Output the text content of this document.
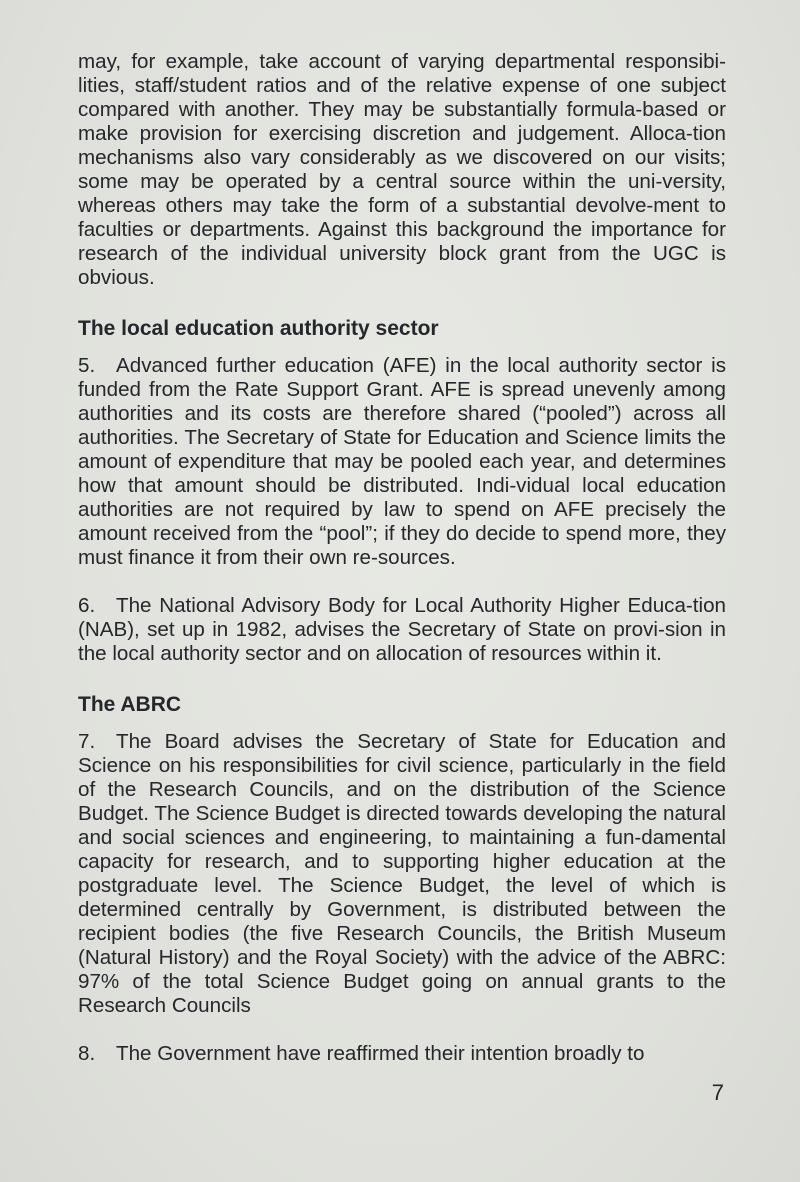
may, for example, take account of varying departmental responsibi-lities, staff/student ratios and of the relative expense of one subject compared with another. They may be substantially formula-based or make provision for exercising discretion and judgement. Alloca-tion mechanisms also vary considerably as we discovered on our visits; some may be operated by a central source within the uni-versity, whereas others may take the form of a substantial devolve-ment to faculties or departments. Against this background the importance for research of the individual university block grant from the UGC is obvious.

The local education authority sector

5. Advanced further education (AFE) in the local authority sector is funded from the Rate Support Grant. AFE is spread unevenly among authorities and its costs are therefore shared (“pooled”) across all authorities. The Secretary of State for Education and Science limits the amount of expenditure that may be pooled each year, and determines how that amount should be distributed. Indi-vidual local education authorities are not required by law to spend on AFE precisely the amount received from the “pool”; if they do decide to spend more, they must finance it from their own re-sources.

6. The National Advisory Body for Local Authority Higher Educa-tion (NAB), set up in 1982, advises the Secretary of State on provi-sion in the local authority sector and on allocation of resources within it.

The ABRC

7. The Board advises the Secretary of State for Education and Science on his responsibilities for civil science, particularly in the field of the Research Councils, and on the distribution of the Science Budget. The Science Budget is directed towards developing the natural and social sciences and engineering, to maintaining a fun-damental capacity for research, and to supporting higher education at the postgraduate level. The Science Budget, the level of which is determined centrally by Government, is distributed between the recipient bodies (the five Research Councils, the British Museum (Natural History) and the Royal Society) with the advice of the ABRC: 97% of the total Science Budget going on annual grants to the Research Councils

8. The Government have reaffirmed their intention broadly to

7
